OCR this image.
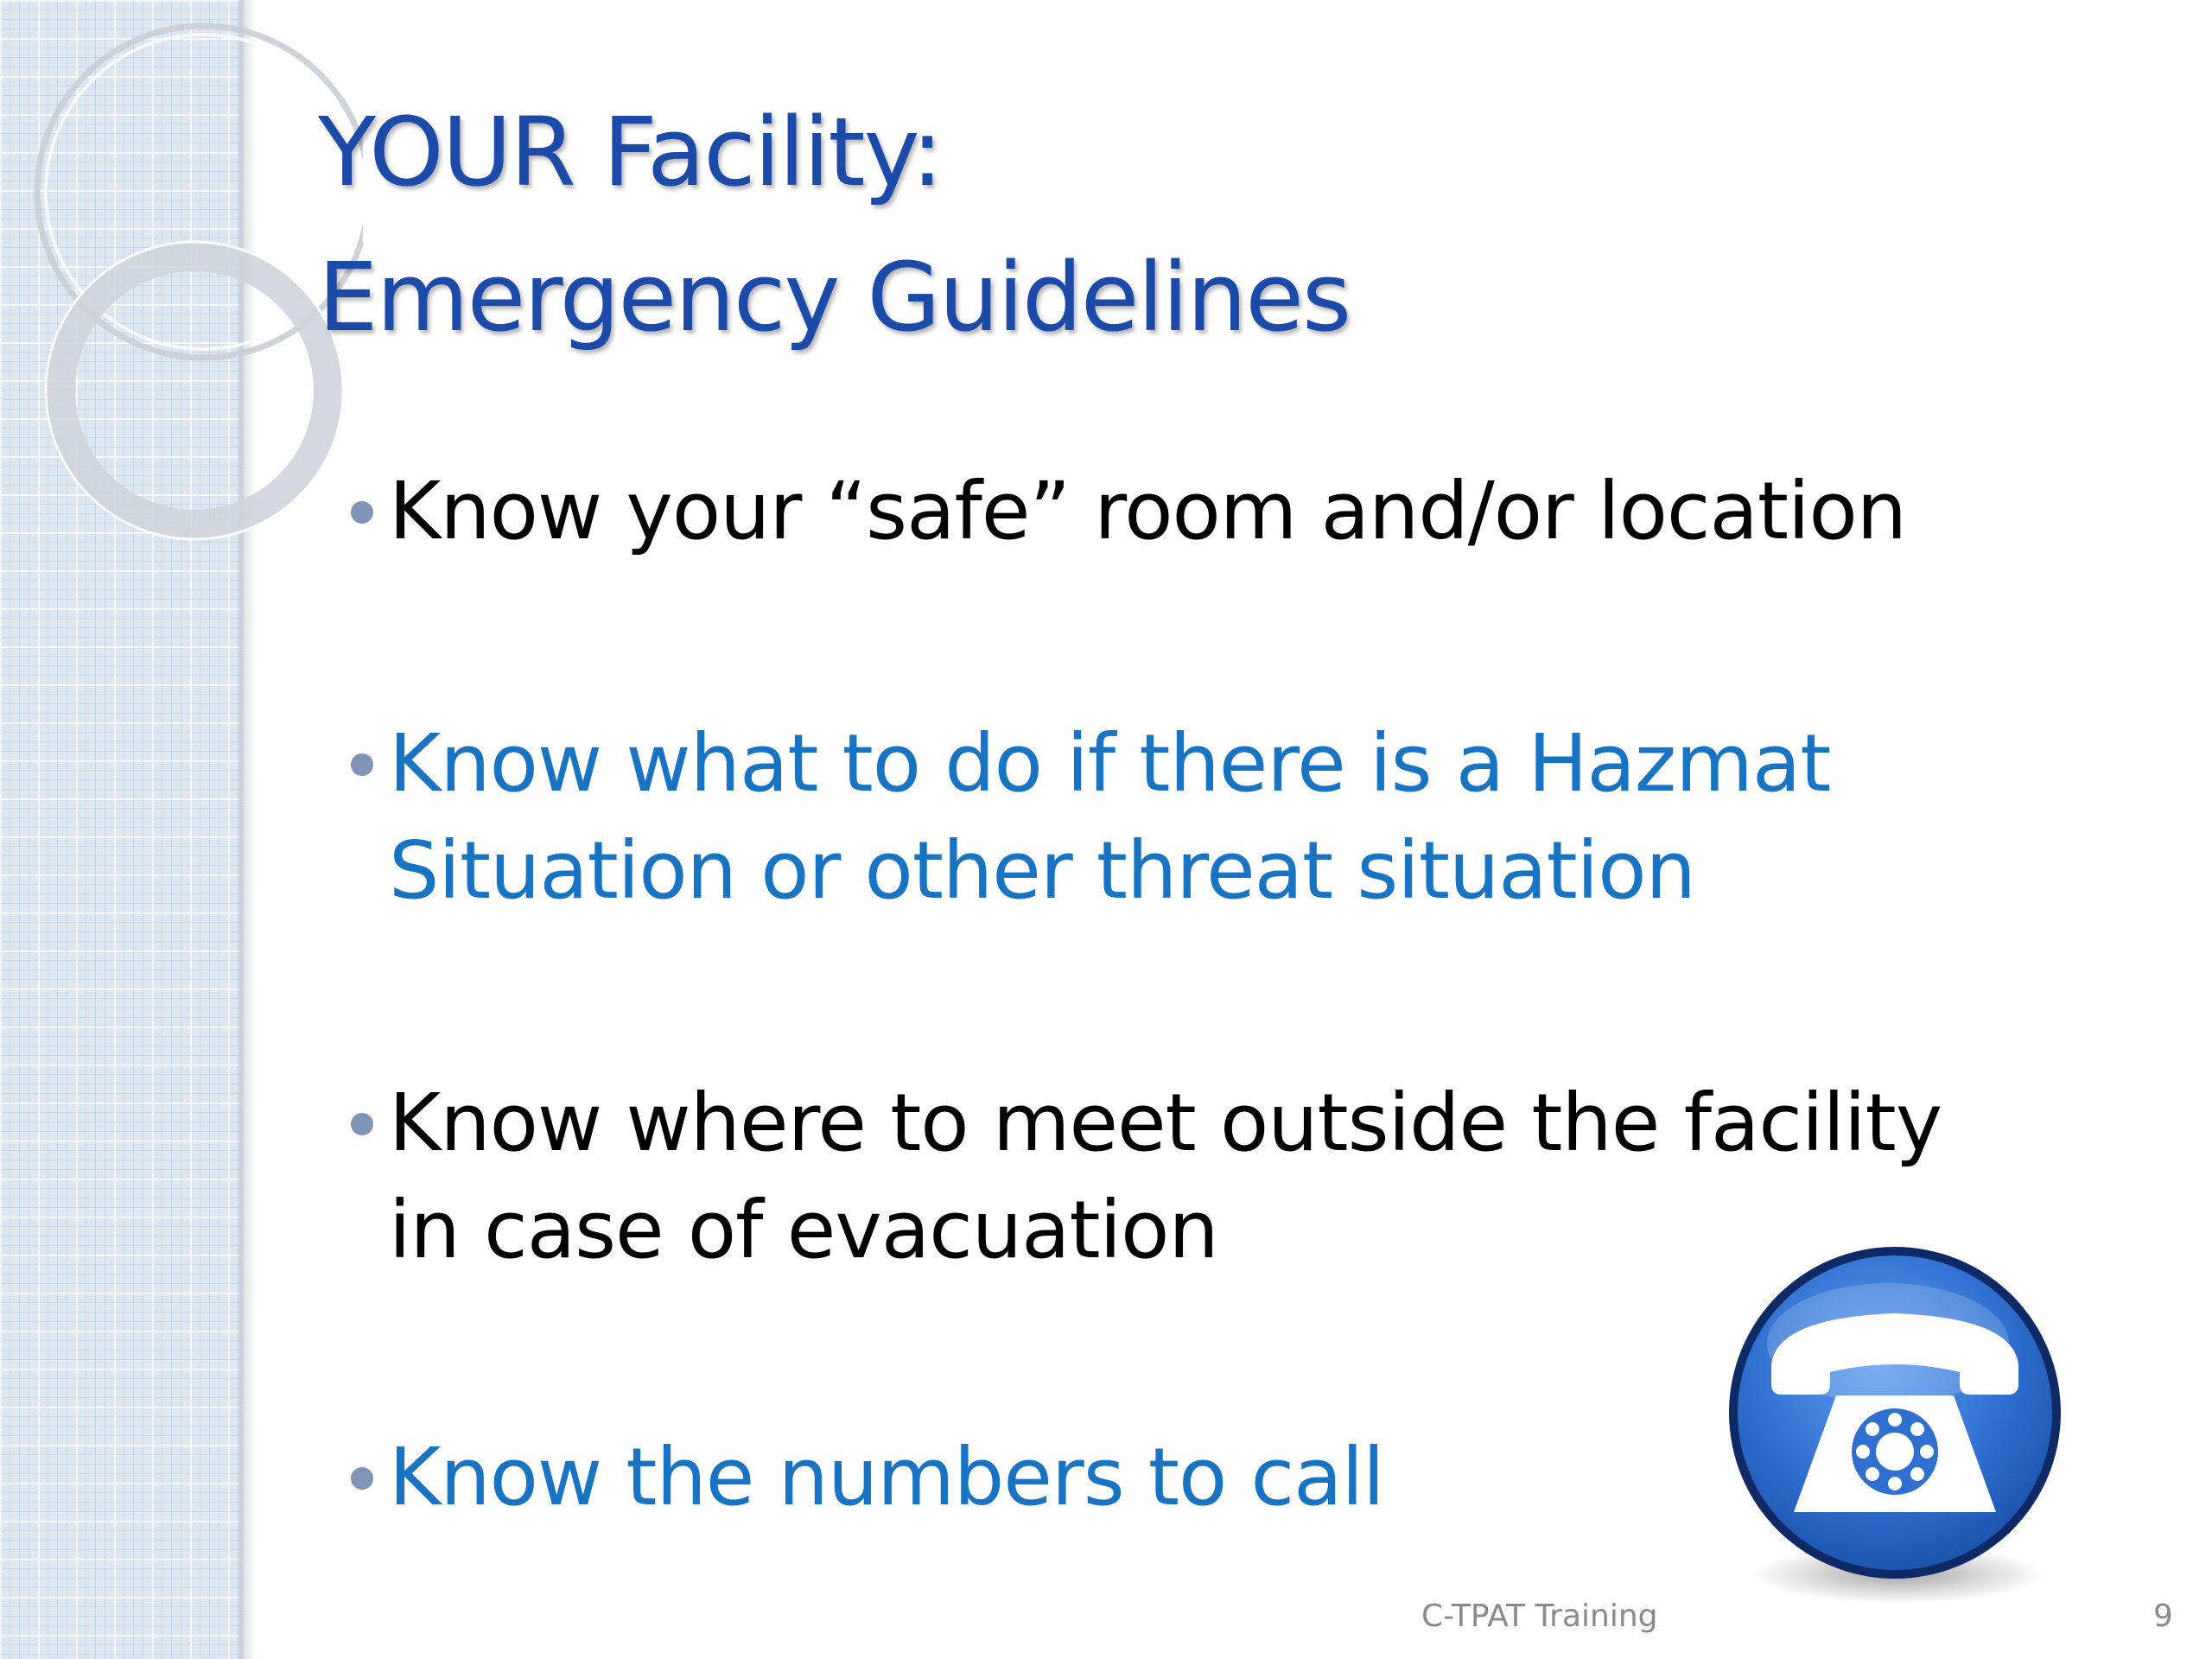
YOUR Facility:
Emergency Guidelines
Know your “safe” room and/or location
Know what to do if there is a Hazmat
Situation or other threat situation
Know where to meet outside the facility
in case of evacuation
Know the numbers to call
C-TPAT Training	9
